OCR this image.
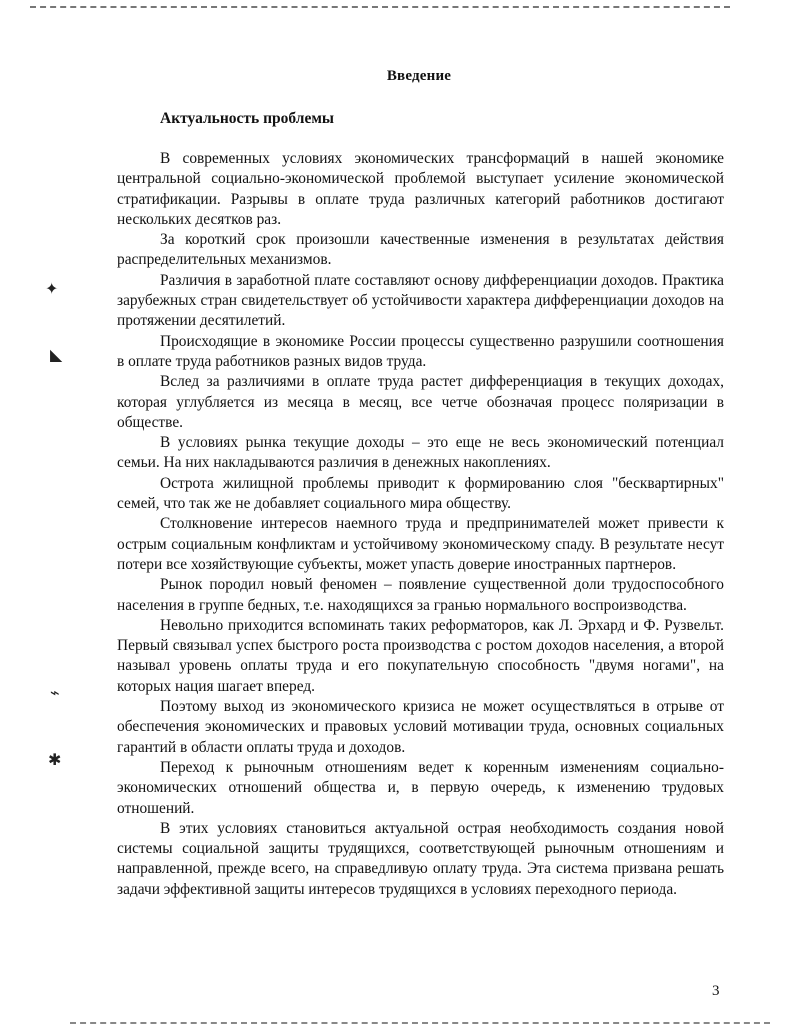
Введение
Актуальность проблемы

В современных условиях экономических трансформаций в нашей экономике центральной социально-экономической проблемой выступает усиление экономической стратификации. Разрывы в оплате труда различных категорий работников достигают нескольких десятков раз.

За короткий срок произошли качественные изменения в результатах действия распределительных механизмов.

Различия в заработной плате составляют основу дифференциации доходов. Практика зарубежных стран свидетельствует об устойчивости характера дифференциации доходов на протяжении десятилетий.

Происходящие в экономике России процессы существенно разрушили соотношения в оплате труда работников разных видов труда.

Вслед за различиями в оплате труда растет дифференциация в текущих доходах, которая углубляется из месяца в месяц, все четче обозначая процесс поляризации в обществе.

В условиях рынка текущие доходы – это еще не весь экономический потенциал семьи. На них накладываются различия в денежных накоплениях.

Острота жилищной проблемы приводит к формированию слоя "бесквартирных" семей, что так же не добавляет социального мира обществу.

Столкновение интересов наемного труда и предпринимателей может привести к острым социальным конфликтам и устойчивому экономическому спаду. В результате несут потери все хозяйствующие субъекты, может упасть доверие иностранных партнеров.

Рынок породил новый феномен – появление существенной доли трудоспособного населения в группе бедных, т.е. находящихся за гранью нормального воспроизводства.

Невольно приходится вспоминать таких реформаторов, как Л. Эрхард и Ф. Рузвельт. Первый связывал успех быстрого роста производства с ростом доходов населения, а второй называл уровень оплаты труда и его покупательную способность "двумя ногами", на которых нация шагает вперед.

Поэтому выход из экономического кризиса не может осуществляться в отрыве от обеспечения экономических и правовых условий мотивации труда, основных социальных гарантий в области оплаты труда и доходов.

Переход к рыночным отношениям ведет к коренным изменениям социально-экономических отношений общества и, в первую очередь, к изменению трудовых отношений.

В этих условиях становиться актуальной острая необходимость создания новой системы социальной защиты трудящихся, соответствующей рыночным отношениям и направленной, прежде всего, на справедливую оплату труда. Эта система призвана решать задачи эффективной защиты интересов трудящихся в условиях переходного периода.

✦
◣
⌁
✱
3
